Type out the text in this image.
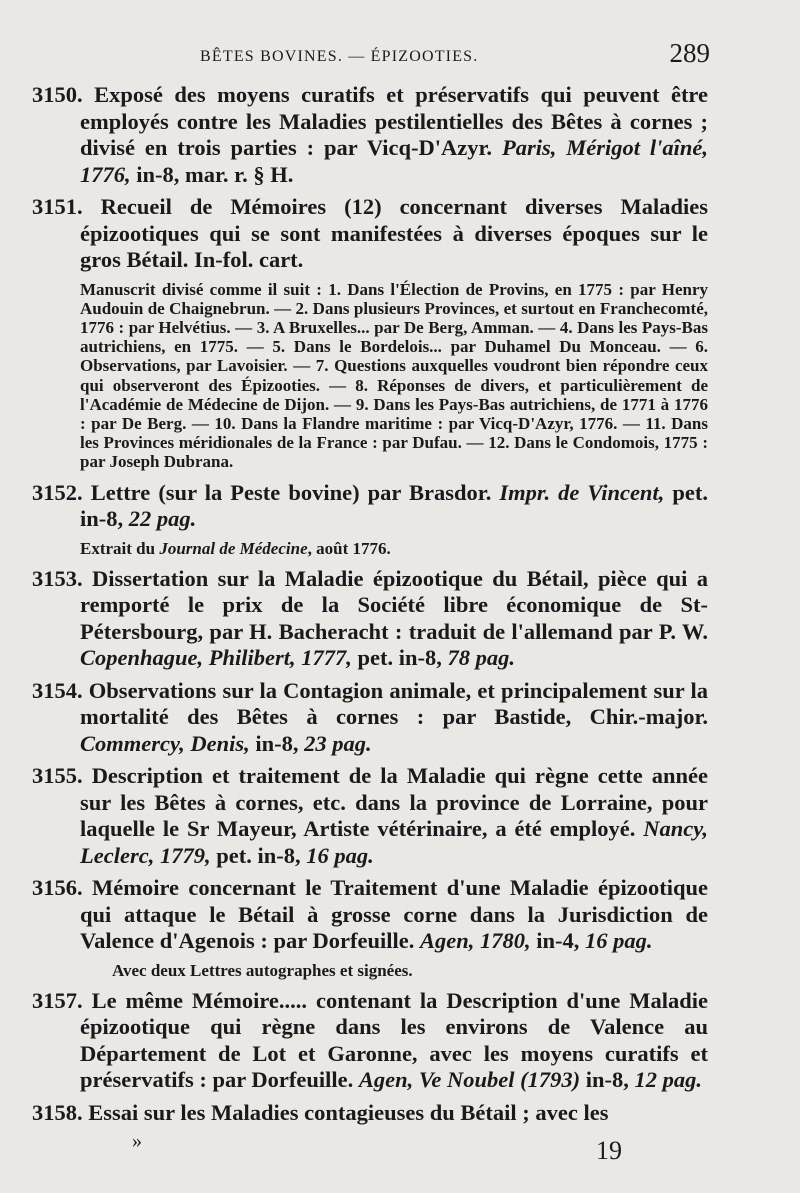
BÊTES BOVINES. — ÉPIZOOTIES.	289

3150. Exposé des moyens curatifs et préservatifs qui peuvent être employés contre les Maladies pestilentielles des Bêtes à cornes ; divisé en trois parties : par Vicq-D'Azyr. Paris, Mérigot l'aîné, 1776, in-8, mar. r. § H.

3151. Recueil de Mémoires (12) concernant diverses Maladies épizootiques qui se sont manifestées à diverses époques sur le gros Bétail. In-fol. cart.

Manuscrit divisé comme il suit : 1. Dans l'Élection de Provins, en 1775 : par Henry Audouin de Chaignebrun. — 2. Dans plusieurs Provinces, et surtout en Franchecomté, 1776 : par Helvétius. — 3. A Bruxelles... par De Berg, Amman. — 4. Dans les Pays-Bas autrichiens, en 1775. — 5. Dans le Bordelois... par Duhamel Du Monceau. — 6. Observations, par Lavoisier. — 7. Questions auxquelles voudront bien répondre ceux qui observeront des Épizooties. — 8. Réponses de divers, et particulièrement de l'Académie de Médecine de Dijon. — 9. Dans les Pays-Bas autrichiens, de 1771 à 1776 : par De Berg. — 10. Dans la Flandre maritime : par Vicq-D'Azyr, 1776. — 11. Dans les Provinces méridionales de la France : par Dufau. — 12. Dans le Condomois, 1775 : par Joseph Dubrana.

3152. Lettre (sur la Peste bovine) par Brasdor. Impr. de Vincent, pet. in-8, 22 pag.

Extrait du Journal de Médecine, août 1776.

3153. Dissertation sur la Maladie épizootique du Bétail, pièce qui a remporté le prix de la Société libre économique de St-Pétersbourg, par H. Bacheracht : traduit de l'allemand par P. W. Copenhague, Philibert, 1777, pet. in-8, 78 pag.

3154. Observations sur la Contagion animale, et principalement sur la mortalité des Bêtes à cornes : par Bastide, Chir.-major. Commercy, Denis, in-8, 23 pag.

3155. Description et traitement de la Maladie qui règne cette année sur les Bêtes à cornes, etc. dans la province de Lorraine, pour laquelle le Sr Mayeur, Artiste vétérinaire, a été employé. Nancy, Leclerc, 1779, pet. in-8, 16 pag.

3156. Mémoire concernant le Traitement d'une Maladie épizootique qui attaque le Bétail à grosse corne dans la Jurisdiction de Valence d'Agenois : par Dorfeuille. Agen, 1780, in-4, 16 pag.

Avec deux Lettres autographes et signées.

3157. Le même Mémoire..... contenant la Description d'une Maladie épizootique qui règne dans les environs de Valence au Département de Lot et Garonne, avec les moyens curatifs et préservatifs : par Dorfeuille. Agen, Ve Noubel (1793) in-8, 12 pag.

3158. Essai sur les Maladies contagieuses du Bétail ; avec les

»	19
